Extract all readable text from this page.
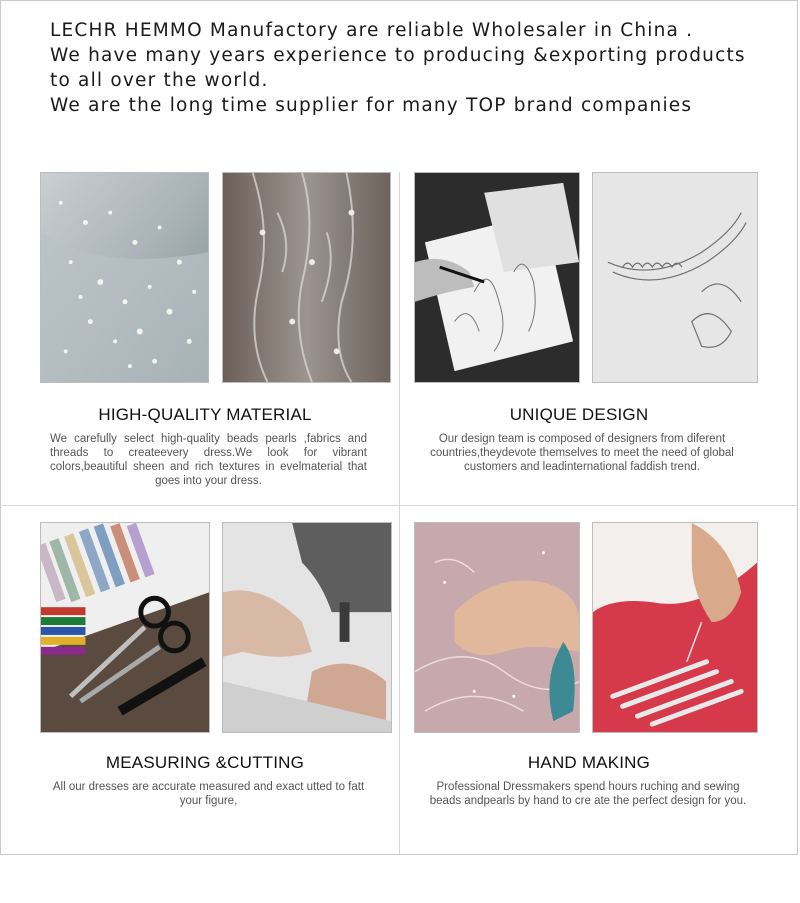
LECHR HEMMO Manufactory are reliable Wholesaler in China .
We have many years experience to producing &exporting products
to all over the world.
We are the long time supplier for many TOP brand companies
HIGH-QUALITY MATERIAL
We carefully select high-quality beads pearls ,fabrics and threads to createevery dress.We look for vibrant colors,beautiful sheen and rich textures in evelmaterial that goes into your dress.
UNIQUE DESIGN
Our design team is composed of designers from diferent countries,theydevote themselves to meet the need of global customers and leadinternational faddish trend.
MEASURING &CUTTING
All our dresses are accurate measured and exact utted to fatt your figure,
HAND MAKING
Professional Dressmakers spend hours ruching and sewing beads andpearls by hand to cre ate the perfect design for you.
